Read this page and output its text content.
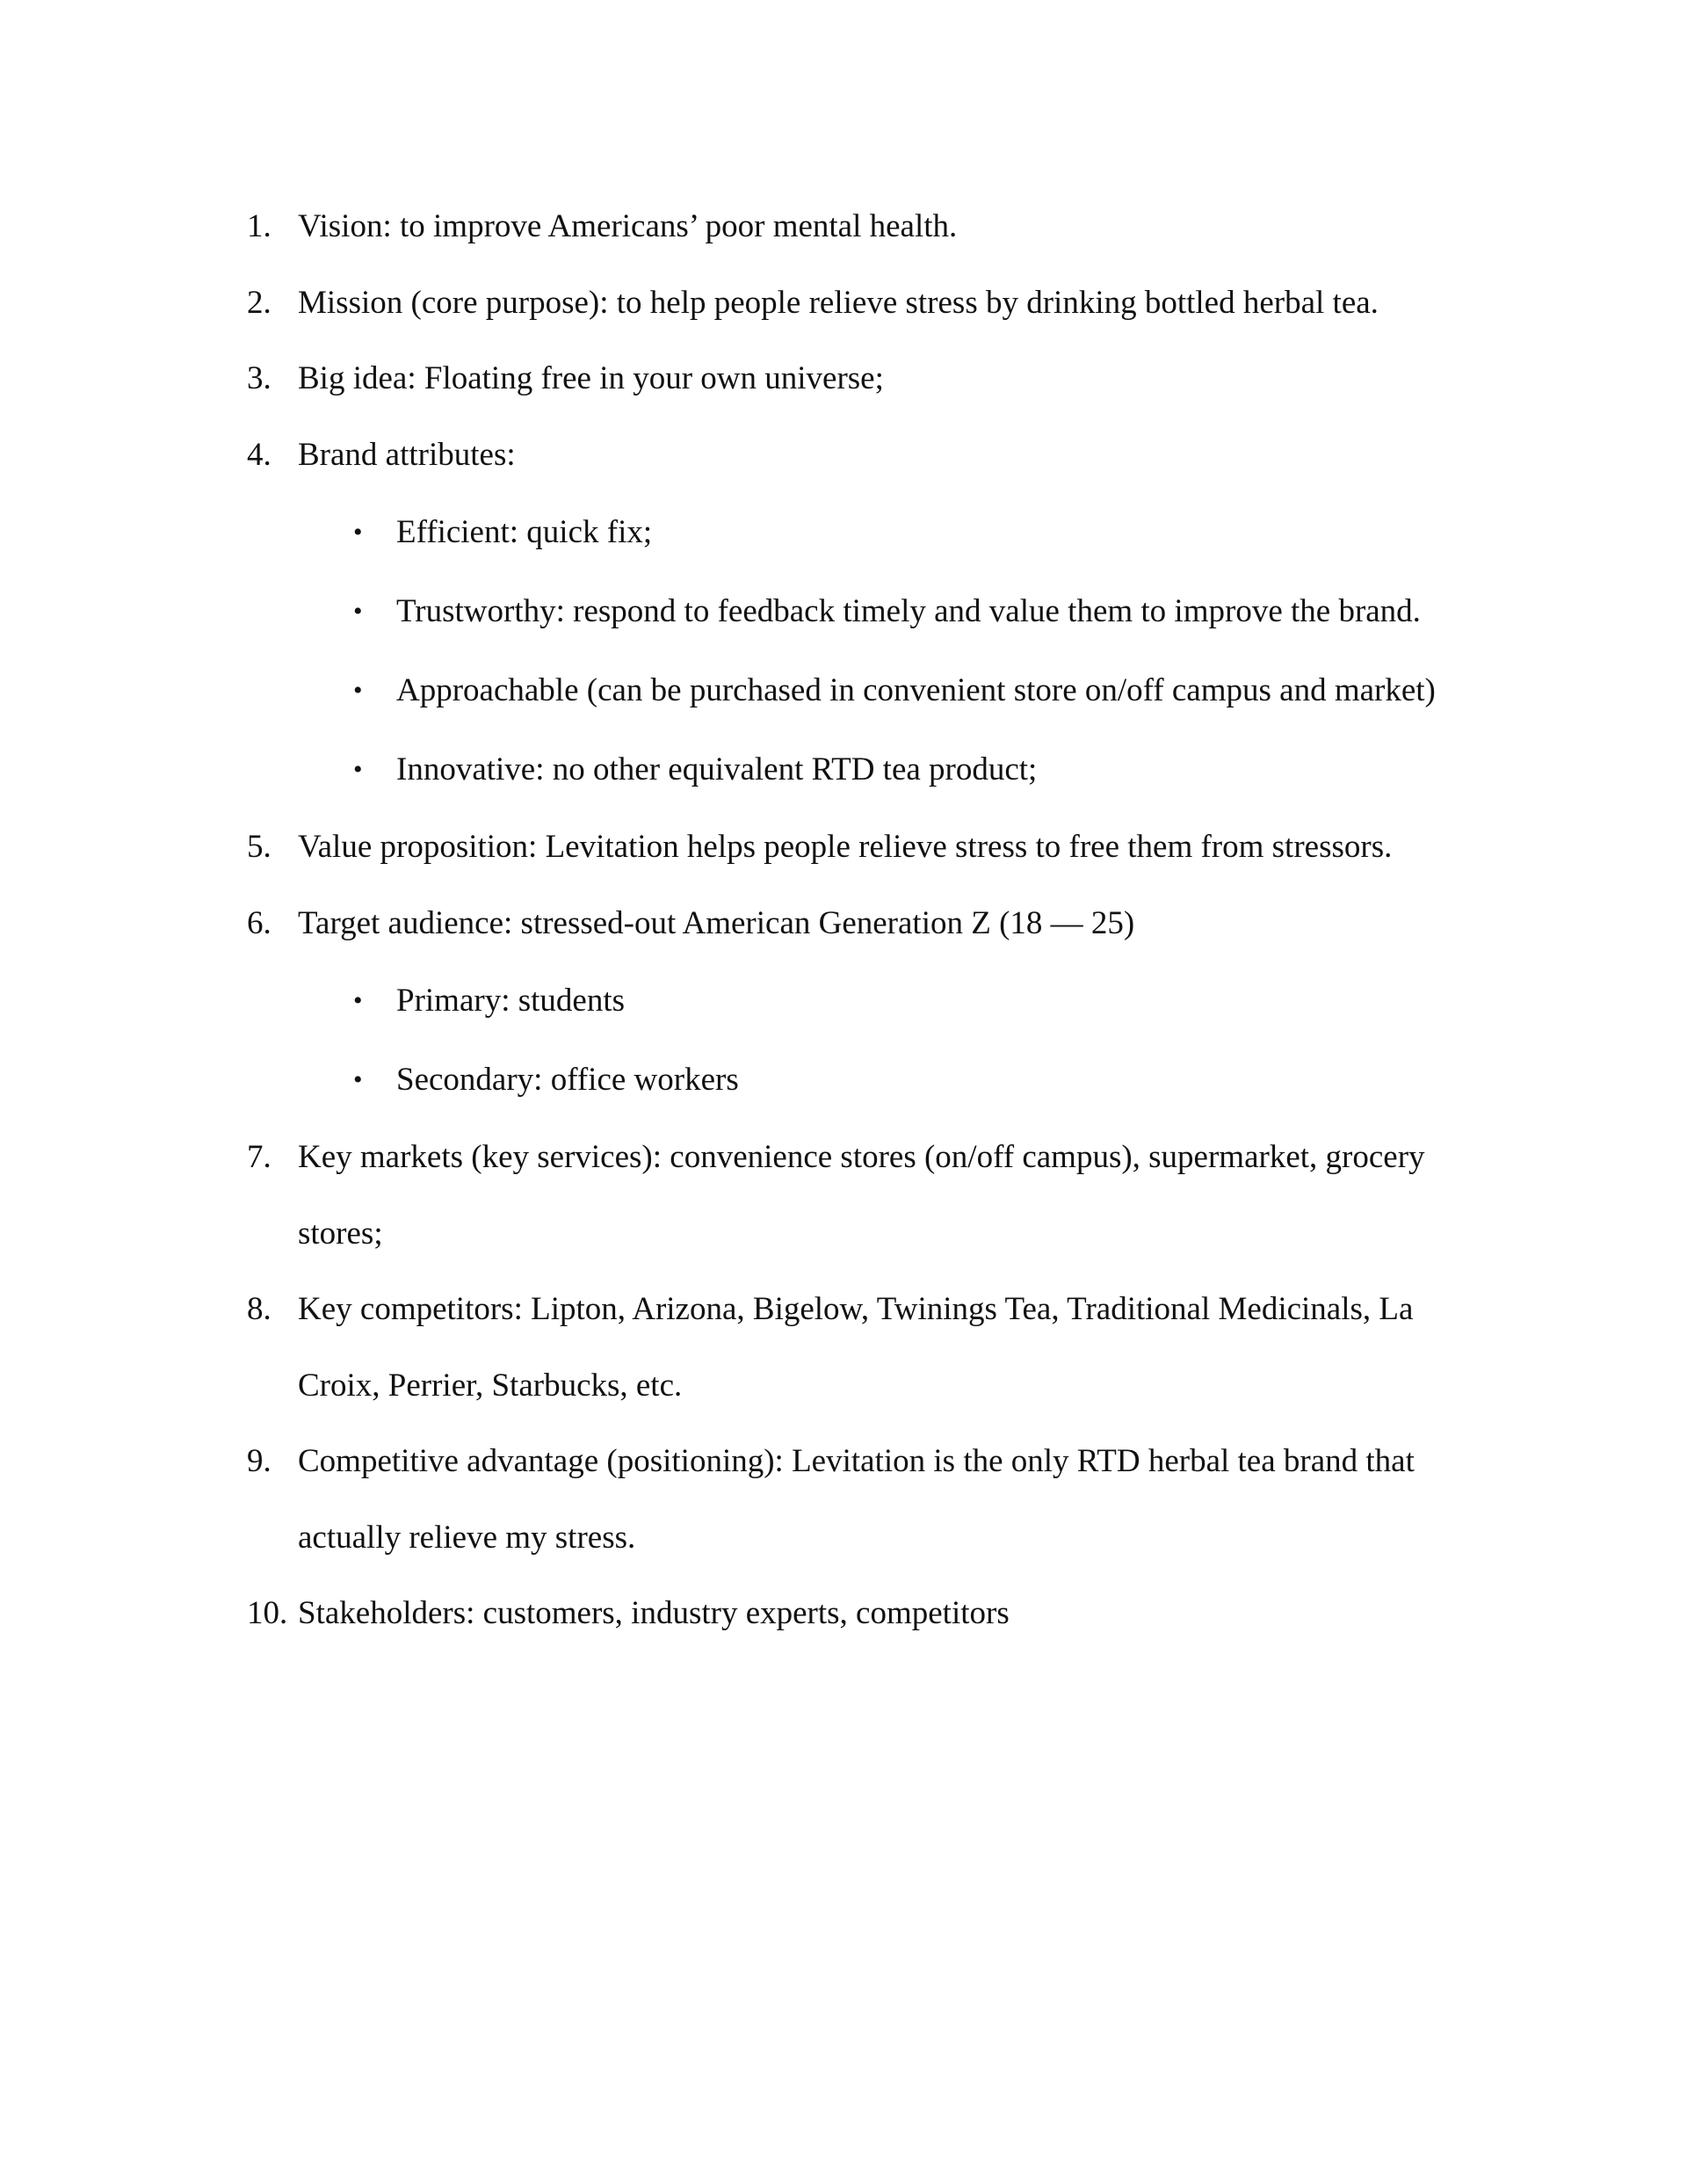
1. Vision: to improve Americans’ poor mental health.
2. Mission (core purpose): to help people relieve stress by drinking bottled herbal tea.
3. Big idea: Floating free in your own universe;
4. Brand attributes:
• Efficient: quick fix;
• Trustworthy: respond to feedback timely and value them to improve the brand.
• Approachable (can be purchased in convenient store on/off campus and market)
• Innovative: no other equivalent RTD tea product;
5. Value proposition: Levitation helps people relieve stress to free them from stressors.
6. Target audience: stressed-out American Generation Z (18 — 25)
• Primary: students
• Secondary: office workers
7. Key markets (key services): convenience stores (on/off campus), supermarket, grocery stores;
8. Key competitors: Lipton, Arizona, Bigelow, Twinings Tea, Traditional Medicinals, La Croix, Perrier, Starbucks, etc.
9. Competitive advantage (positioning): Levitation is the only RTD herbal tea brand that actually relieve my stress.
10. Stakeholders: customers, industry experts, competitors
